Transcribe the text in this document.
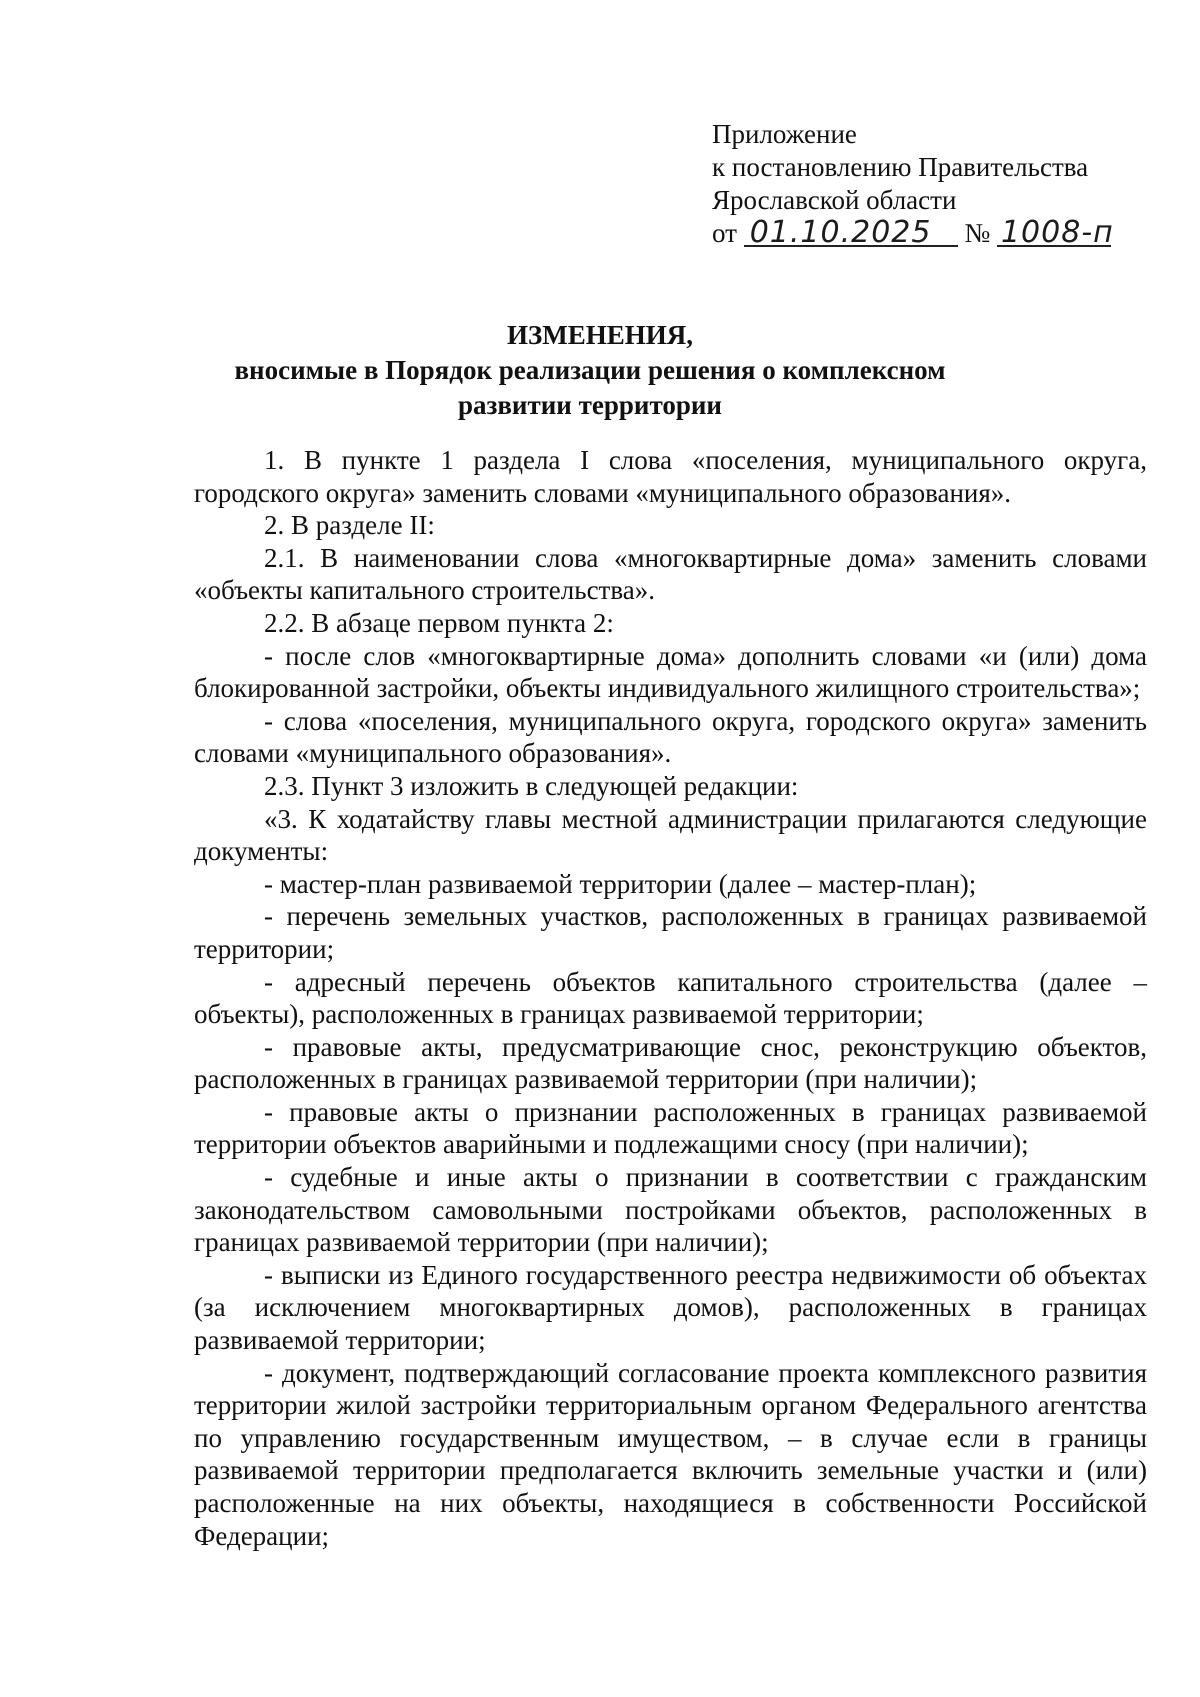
Приложение
к постановлению Правительства
Ярославской области
от 01.10.2025 № 1008-п
ИЗМЕНЕНИЯ,
вносимые в Порядок реализации решения о комплексном
развитии территории

1. В пункте 1 раздела I слова «поселения, муниципального округа, городского округа» заменить словами «муниципального образования».

2. В разделе II:

2.1. В наименовании слова «многоквартирные дома» заменить словами «объекты капитального строительства».

2.2. В абзаце первом пункта 2:

- после слов «многоквартирные дома» дополнить словами «и (или) дома блокированной застройки, объекты индивидуального жилищного строительства»;

- слова «поселения, муниципального округа, городского округа» заменить словами «муниципального образования».

2.3. Пункт 3 изложить в следующей редакции:

«3. К ходатайству главы местной администрации прилагаются следующие документы:

- мастер-план развиваемой территории (далее – мастер-план);

- перечень земельных участков, расположенных в границах развиваемой территории;

- адресный перечень объектов капитального строительства (далее – объекты), расположенных в границах развиваемой территории;

- правовые акты, предусматривающие снос, реконструкцию объектов, расположенных в границах развиваемой территории (при наличии);

- правовые акты о признании расположенных в границах развиваемой территории объектов аварийными и подлежащими сносу (при наличии);

- судебные и иные акты о признании в соответствии с гражданским законодательством самовольными постройками объектов, расположенных в границах развиваемой территории (при наличии);

- выписки из Единого государственного реестра недвижимости об объектах (за исключением многоквартирных домов), расположенных в границах развиваемой территории;

- документ, подтверждающий согласование проекта комплексного развития территории жилой застройки территориальным органом Федерального агентства по управлению государственным имуществом, – в случае если в границы развиваемой территории предполагается включить земельные участки и (или) расположенные на них объекты, находящиеся в собственности Российской Федерации;
